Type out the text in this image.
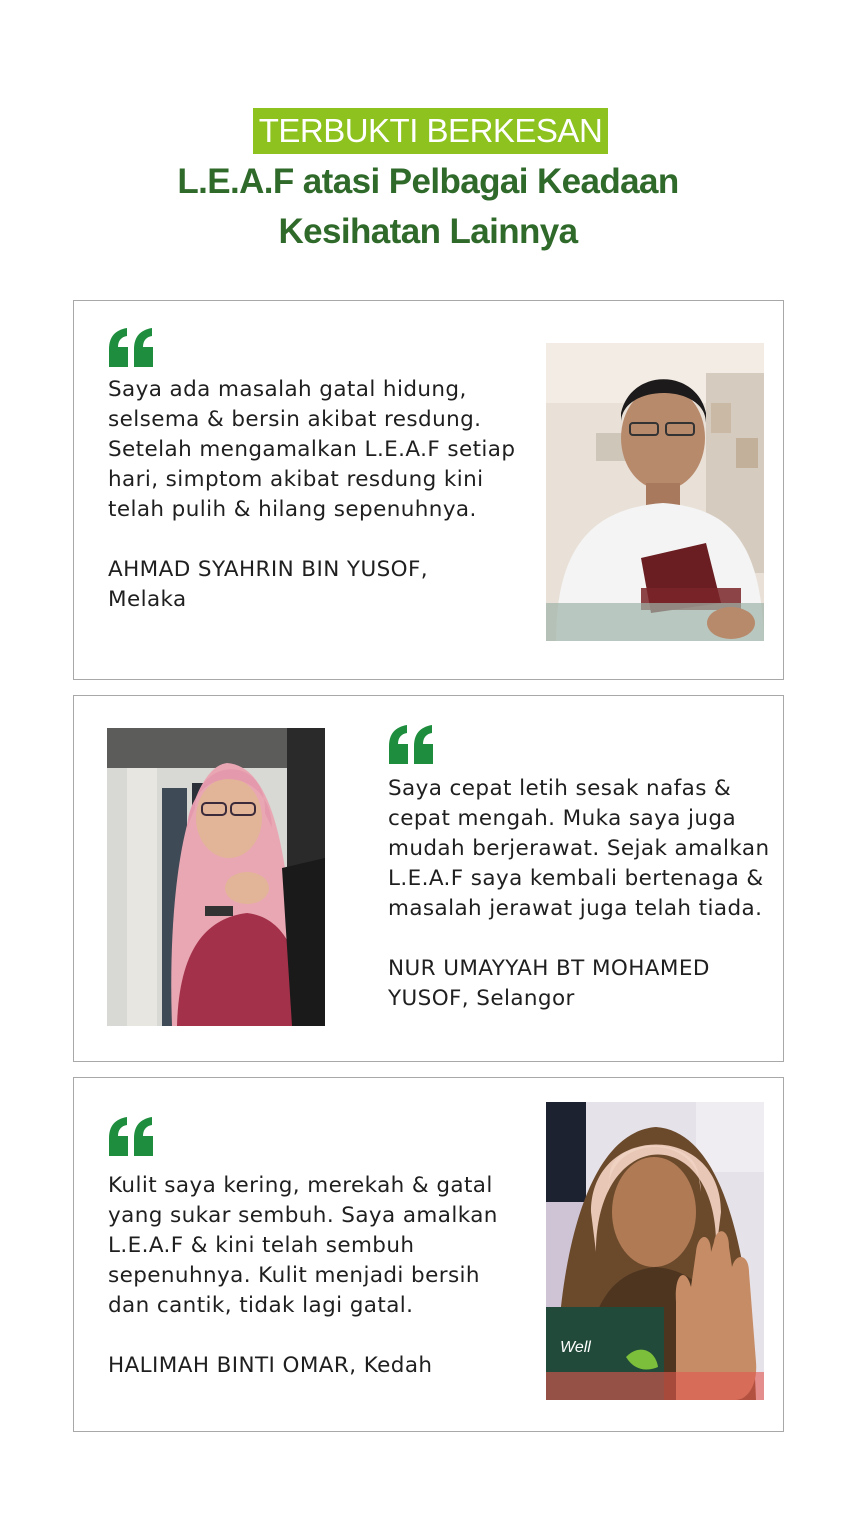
TERBUKTI BERKESAN
L.E.A.F atasi Pelbagai Keadaan
Kesihatan Lainnya

Saya ada masalah gatal hidung,
selsema & bersin akibat resdung.
Setelah mengamalkan L.E.A.F setiap
hari, simptom akibat resdung kini
telah pulih & hilang sepenuhnya.

AHMAD SYAHRIN BIN YUSOF,
Melaka

Saya cepat letih sesak nafas &
cepat mengah. Muka saya juga
mudah berjerawat. Sejak amalkan
L.E.A.F saya kembali bertenaga &
masalah jerawat juga telah tiada.

NUR UMAYYAH BT MOHAMED
YUSOF, Selangor

Kulit saya kering, merekah & gatal
yang sukar sembuh. Saya amalkan
L.E.A.F & kini telah sembuh
sepenuhnya. Kulit menjadi bersih
dan cantik, tidak lagi gatal.

HALIMAH BINTI OMAR, Kedah

Well
